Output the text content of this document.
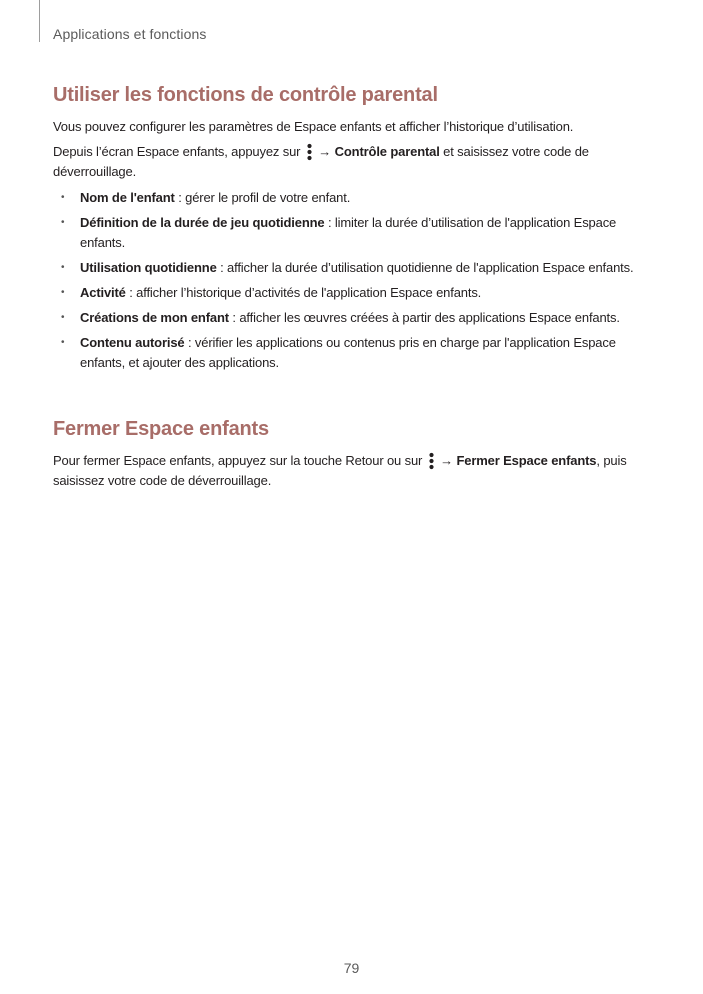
Applications et fonctions
Utiliser les fonctions de contrôle parental

Vous pouvez configurer les paramètres de Espace enfants et afficher l’historique d’utilisation.

Depuis l’écran Espace enfants, appuyez sur → Contrôle parental et saisissez votre code de déverrouillage.

• Nom de l'enfant : gérer le profil de votre enfant.
• Définition de la durée de jeu quotidienne : limiter la durée d’utilisation de l'application Espace enfants.
• Utilisation quotidienne : afficher la durée d’utilisation quotidienne de l'application Espace enfants.
• Activité : afficher l’historique d’activités de l'application Espace enfants.
• Créations de mon enfant : afficher les œuvres créées à partir des applications Espace enfants.
• Contenu autorisé : vérifier les applications ou contenus pris en charge par l'application Espace enfants, et ajouter des applications.
Fermer Espace enfants

Pour fermer Espace enfants, appuyez sur la touche Retour ou sur → Fermer Espace enfants, puis saisissez votre code de déverrouillage.

79
